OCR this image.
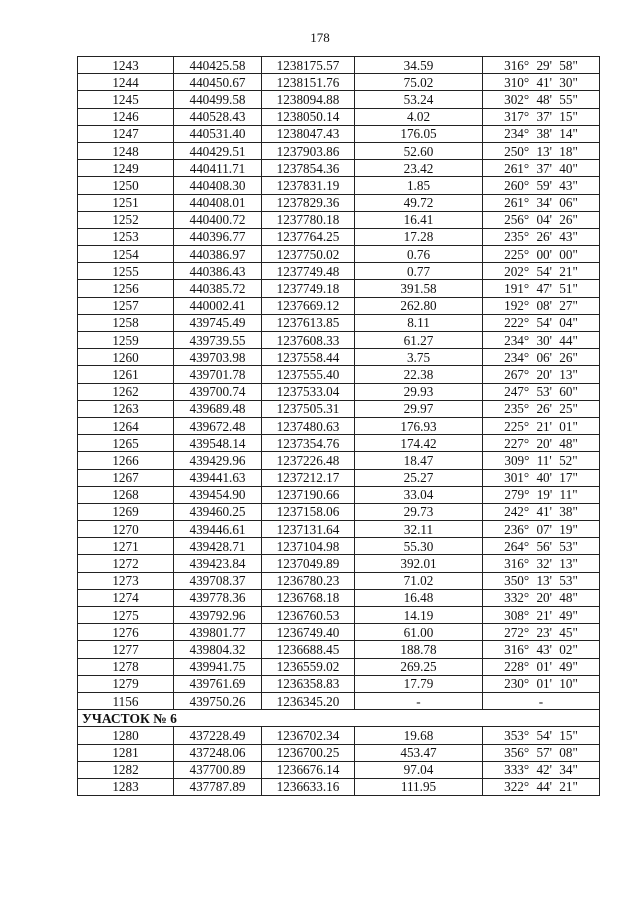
178
1243	440425.58	1238175.57	34.59	316° 29' 58"
1244	440450.67	1238151.76	75.02	310° 41' 30"
1245	440499.58	1238094.88	53.24	302° 48' 55"
1246	440528.43	1238050.14	4.02	317° 37' 15"
1247	440531.40	1238047.43	176.05	234° 38' 14"
1248	440429.51	1237903.86	52.60	250° 13' 18"
1249	440411.71	1237854.36	23.42	261° 37' 40"
1250	440408.30	1237831.19	1.85	260° 59' 43"
1251	440408.01	1237829.36	49.72	261° 34' 06"
1252	440400.72	1237780.18	16.41	256° 04' 26"
1253	440396.77	1237764.25	17.28	235° 26' 43"
1254	440386.97	1237750.02	0.76	225° 00' 00"
1255	440386.43	1237749.48	0.77	202° 54' 21"
1256	440385.72	1237749.18	391.58	191° 47' 51"
1257	440002.41	1237669.12	262.80	192° 08' 27"
1258	439745.49	1237613.85	8.11	222° 54' 04"
1259	439739.55	1237608.33	61.27	234° 30' 44"
1260	439703.98	1237558.44	3.75	234° 06' 26"
1261	439701.78	1237555.40	22.38	267° 20' 13"
1262	439700.74	1237533.04	29.93	247° 53' 60"
1263	439689.48	1237505.31	29.97	235° 26' 25"
1264	439672.48	1237480.63	176.93	225° 21' 01"
1265	439548.14	1237354.76	174.42	227° 20' 48"
1266	439429.96	1237226.48	18.47	309° 11' 52"
1267	439441.63	1237212.17	25.27	301° 40' 17"
1268	439454.90	1237190.66	33.04	279° 19' 11"
1269	439460.25	1237158.06	29.73	242° 41' 38"
1270	439446.61	1237131.64	32.11	236° 07' 19"
1271	439428.71	1237104.98	55.30	264° 56' 53"
1272	439423.84	1237049.89	392.01	316° 32' 13"
1273	439708.37	1236780.23	71.02	350° 13' 53"
1274	439778.36	1236768.18	16.48	332° 20' 48"
1275	439792.96	1236760.53	14.19	308° 21' 49"
1276	439801.77	1236749.40	61.00	272° 23' 45"
1277	439804.32	1236688.45	188.78	316° 43' 02"
1278	439941.75	1236559.02	269.25	228° 01' 49"
1279	439761.69	1236358.83	17.79	230° 01' 10"
1156	439750.26	1236345.20	-	-
УЧАСТОК № 6				
1280	437228.49	1236702.34	19.68	353° 54' 15"
1281	437248.06	1236700.25	453.47	356° 57' 08"
1282	437700.89	1236676.14	97.04	333° 42' 34"
1283	437787.89	1236633.16	111.95	322° 44' 21"
